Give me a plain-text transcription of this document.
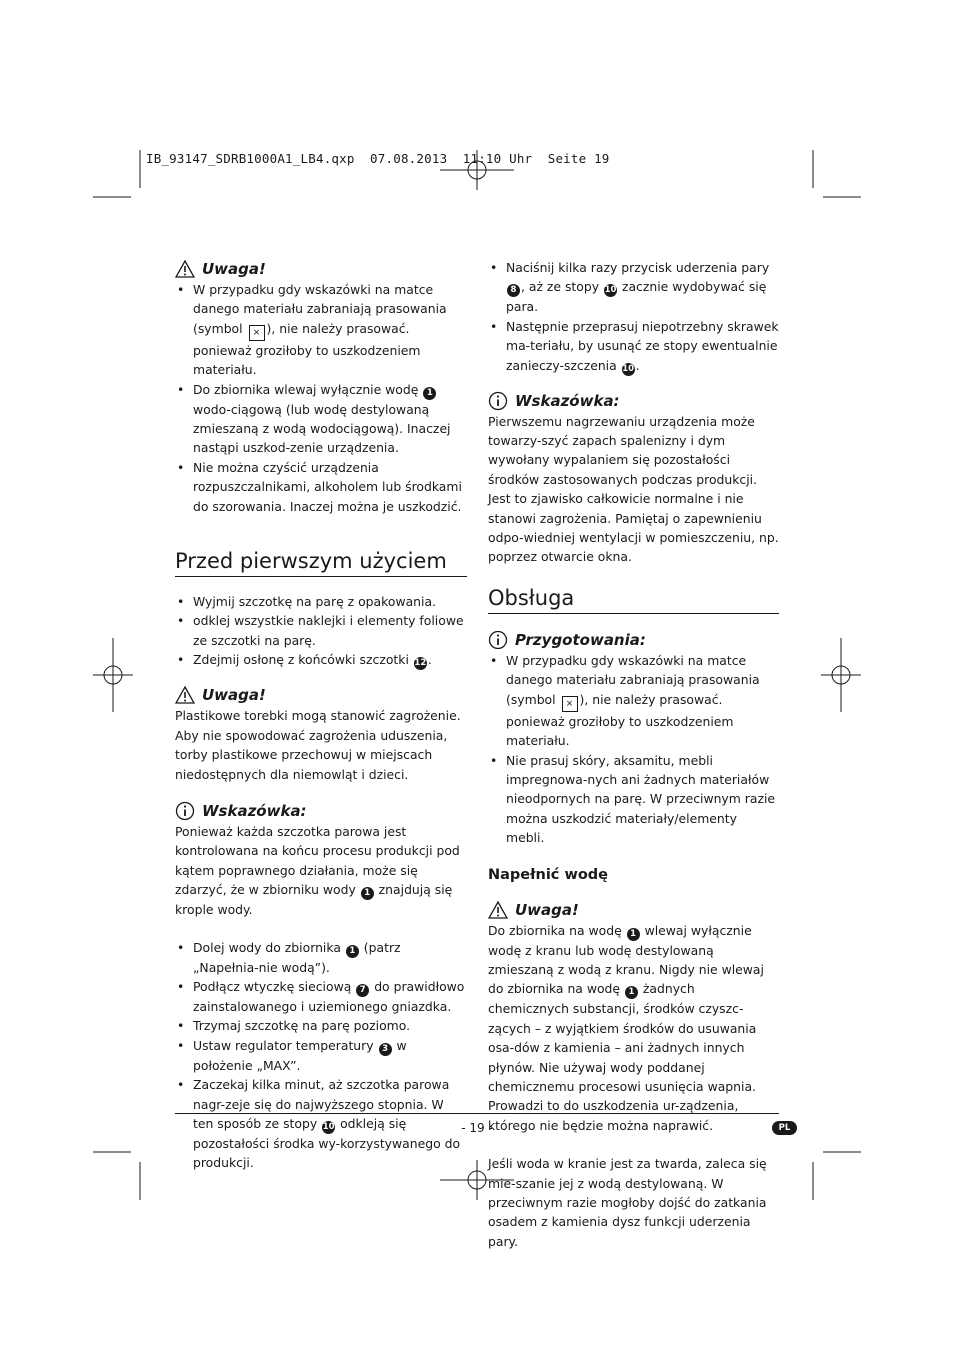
IB_93147_SDRB1000A1_LB4.qxp  07.08.2013  11:10 Uhr  Seite 19
Uwaga!
• W przypadku gdy wskazówki na matce danego materiału zabraniają prasowania (symbol ⨯ ), nie należy prasować. ponieważ groziłoby to uszkodzeniem materiału.
• Do zbiornika wlewaj wyłącznie wodę 1 wodo-ciągową (lub wodę destylowaną zmieszaną z wodą wodociągową). Inaczej nastąpi uszkod-zenie urządzenia.
• Nie można czyścić urządzenia rozpuszczalnikami, alkoholem lub środkami do szorowania. Inaczej można je uszkodzić.
Przed pierwszym użyciem
• Wyjmij szczotkę na parę z opakowania.
• odklej wszystkie naklejki i elementy foliowe ze szczotki na parę.
• Zdejmij osłonę z końcówki szczotki 12 .
Uwaga!

Plastikowe torebki mogą stanowić zagrożenie. Aby nie spowodować zagrożenia uduszenia, torby plastikowe przechowuj w miejscach niedostępnych dla niemowląt i dzieci.

Wskazówka:

Ponieważ każda szczotka parowa jest kontrolowana na końcu procesu produkcji pod kątem poprawnego działania, może się zdarzyć, że w zbiorniku wody 1 znajdują się krople wody.

• Dolej wody do zbiornika 1 (patrz „Napełnia-nie wodą”).
• Podłącz wtyczkę sieciową 7 do prawidłowo zainstalowanego i uziemionego gniazdka.
• Trzymaj szczotkę na parę poziomo.
• Ustaw regulator temperatury 3 w położenie „MAX”.
• Zaczekaj kilka minut, aż szczotka parowa nagr-zeje się do najwyższego stopnia. W ten sposób ze stopy 10 odkleją się pozostałości środka wy-korzystywanego do produkcji.
• Naciśnij kilka razy przycisk uderzenia pary 8 , aż ze stopy 10 zacznie wydobywać się para.
• Następnie przeprasuj niepotrzebny skrawek ma-teriału, by usunąć ze stopy ewentualnie zanieczy-szczenia 10 .
Wskazówka:

Pierwszemu nagrzewaniu urządzenia może towarzy-szyć zapach spalenizny i dym wywołany wypalaniem się pozostałości środków zastosowanych podczas produkcji. Jest to zjawisko całkowicie normalne i nie stanowi zagrożenia. Pamiętaj o zapewnieniu odpo-wiedniej wentylacji w pomieszczeniu, np. poprzez otwarcie okna.

Obsługa
Przygotowania:
• W przypadku gdy wskazówki na matce danego materiału zabraniają prasowania (symbol ⨯ ), nie należy prasować. ponieważ groziłoby to uszkodzeniem materiału.
• Nie prasuj skóry, aksamitu, mebli impregnowa-nych ani żadnych materiałów nieodpornych na parę. W przeciwnym razie można uszkodzić materiały/elementy mebli.
Napełnić wodę
Uwaga!

Do zbiornika na wodę 1 wlewaj wyłącznie wodę z kranu lub wodę destylowaną zmieszaną z wodą z kranu. Nigdy nie wlewaj do zbiornika na wodę 1 żadnych chemicznych substancji, środków czyszc-zących – z wyjątkiem środków do usuwania osa-dów z kamienia – ani żadnych innych płynów. Nie używaj wody poddanej chemicznemu procesowi usunięcia wapnia. Prowadzi to do uszkodzenia ur-ządzenia, którego nie będzie można naprawić.

Jeśli woda w kranie jest za twarda, zaleca się mie-szanie jej z wodą destylowaną. W przeciwnym razie mogłoby dojść do zatkania osadem z kamienia dysz funkcji uderzenia pary.

- 19 -	PL
